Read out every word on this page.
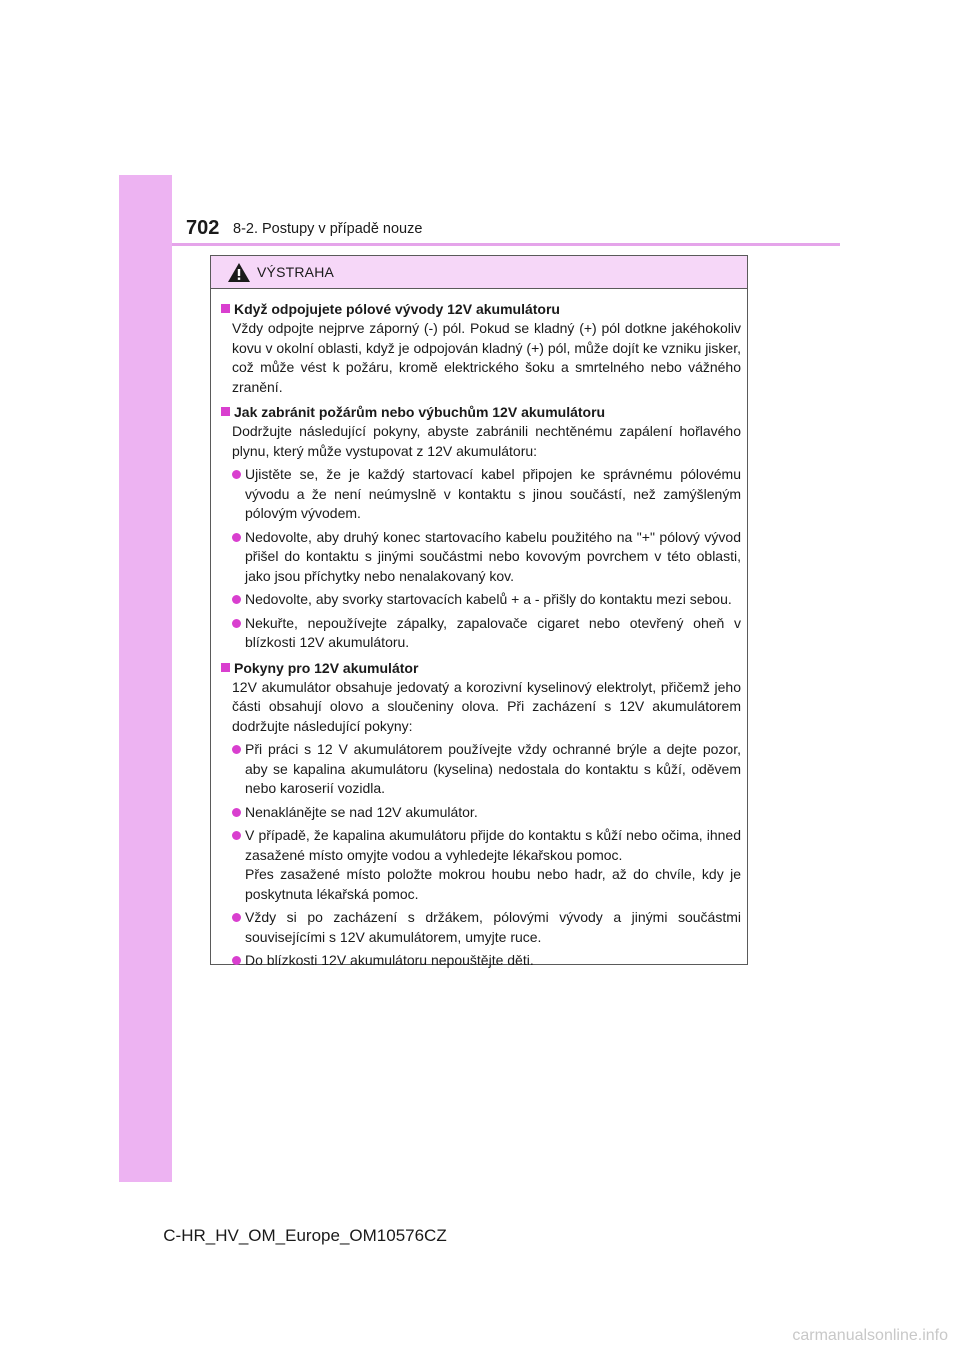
702 8-2. Postupy v případě nouze
VÝSTRAHA
Když odpojujete pólové vývody 12V akumulátoru
Vždy odpojte nejprve záporný (-) pól. Pokud se kladný (+) pól dotkne jakéhokoliv kovu v okolní oblasti, když je odpojován kladný (+) pól, může dojít ke vzniku jisker, což může vést k požáru, kromě elektrického šoku a smrtelného nebo vážného zranění.
Jak zabránit požárům nebo výbuchům 12V akumulátoru
Dodržujte následující pokyny, abyste zabránili nechtěnému zapálení hořlavého plynu, který může vystupovat z 12V akumulátoru:
Ujistěte se, že je každý startovací kabel připojen ke správnému pólovému vývodu a že není neúmyslně v kontaktu s jinou součástí, než zamýšleným pólovým vývodem.
Nedovolte, aby druhý konec startovacího kabelu použitého na "+" pólový vývod přišel do kontaktu s jinými součástmi nebo kovovým povrchem v této oblasti, jako jsou příchytky nebo nenalakovaný kov.
Nedovolte, aby svorky startovacích kabelů + a - přišly do kontaktu mezi sebou.
Nekuřte, nepoužívejte zápalky, zapalovače cigaret nebo otevřený oheň v blízkosti 12V akumulátoru.
Pokyny pro 12V akumulátor
12V akumulátor obsahuje jedovatý a korozivní kyselinový elektrolyt, přičemž jeho části obsahují olovo a sloučeniny olova. Při zacházení s 12V akumulátorem dodržujte následující pokyny:
Při práci s 12 V akumulátorem používejte vždy ochranné brýle a dejte pozor, aby se kapalina akumulátoru (kyselina) nedostala do kontaktu s kůží, oděvem nebo karoserií vozidla.
Nenaklánějte se nad 12V akumulátor.
V případě, že kapalina akumulátoru přijde do kontaktu s kůží nebo očima, ihned zasažené místo omyjte vodou a vyhledejte lékařskou pomoc.
Přes zasažené místo položte mokrou houbu nebo hadr, až do chvíle, kdy je poskytnuta lékařská pomoc.
Vždy si po zacházení s držákem, pólovými vývody a jinými součástmi souvisejícími s 12V akumulátorem, umyjte ruce.
Do blízkosti 12V akumulátoru nepouštějte děti.
C-HR_HV_OM_Europe_OM10576CZ
carmanualsonline.info
